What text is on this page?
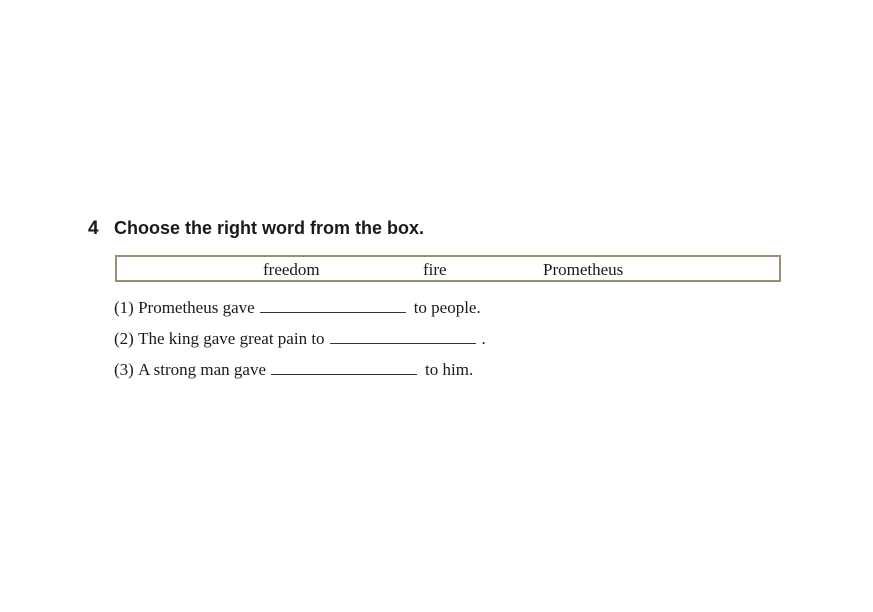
4 Choose the right word from the box.
freedom	fire	Prometheus
(1)
Prometheus gave	to people.
(2)
The king gave great pain to	.
(3)
A strong man gave	to him.
